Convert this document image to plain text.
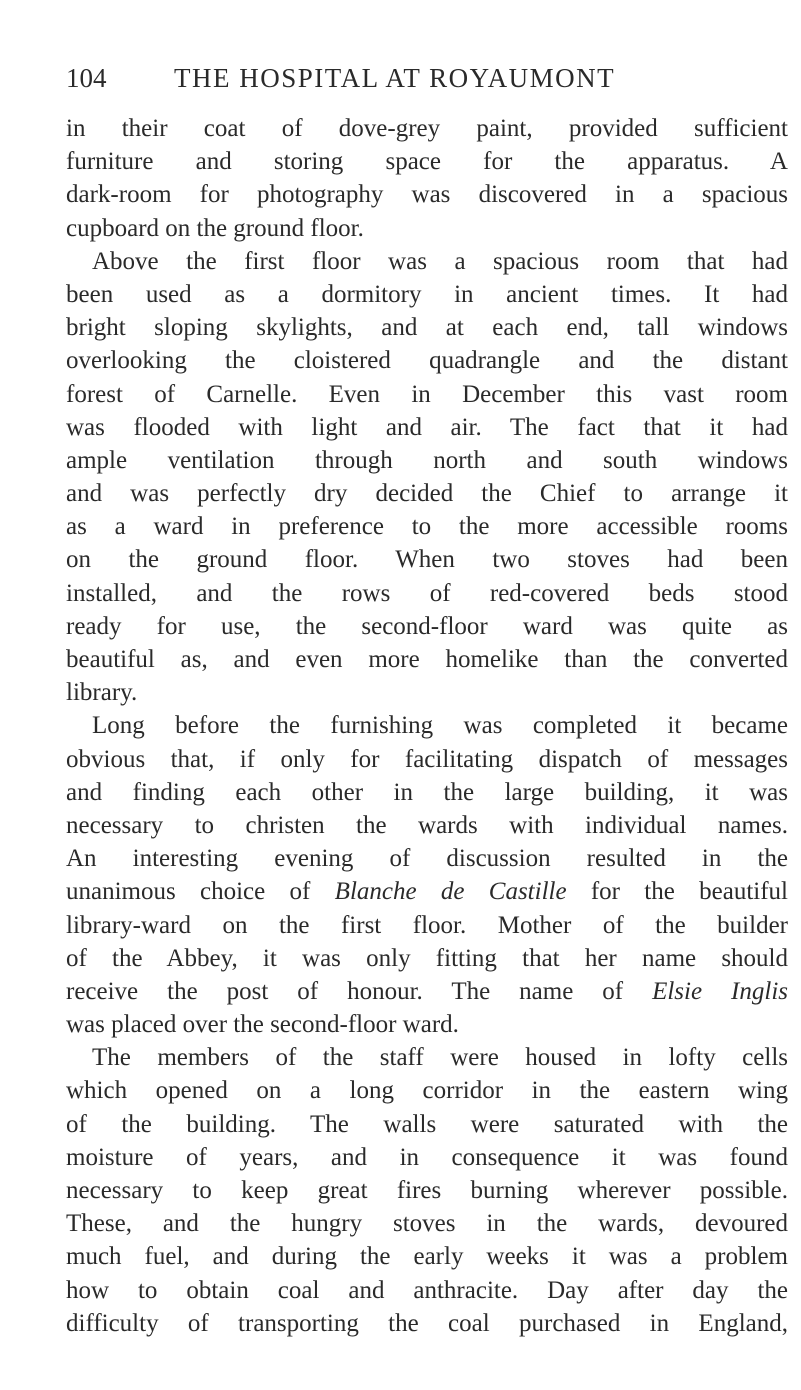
104	THE HOSPITAL AT ROYAUMONT
in their coat of dove-grey paint, provided sufficient
furniture and storing space for the apparatus. A
dark-room for photography was discovered in a spacious
cupboard on the ground floor.
Above the first floor was a spacious room that had
been used as a dormitory in ancient times. It had
bright sloping skylights, and at each end, tall windows
overlooking the cloistered quadrangle and the distant
forest of Carnelle. Even in December this vast room
was flooded with light and air. The fact that it had
ample ventilation through north and south windows
and was perfectly dry decided the Chief to arrange it
as a ward in preference to the more accessible rooms
on the ground floor. When two stoves had been
installed, and the rows of red-covered beds stood
ready for use, the second-floor ward was quite as
beautiful as, and even more homelike than the converted
library.
Long before the furnishing was completed it became
obvious that, if only for facilitating dispatch of messages
and finding each other in the large building, it was
necessary to christen the wards with individual names.
An interesting evening of discussion resulted in the
unanimous choice of Blanche de Castille for the beautiful
library-ward on the first floor. Mother of the builder
of the Abbey, it was only fitting that her name should
receive the post of honour. The name of Elsie Inglis
was placed over the second-floor ward.
The members of the staff were housed in lofty cells
which opened on a long corridor in the eastern wing
of the building. The walls were saturated with the
moisture of years, and in consequence it was found
necessary to keep great fires burning wherever possible.
These, and the hungry stoves in the wards, devoured
much fuel, and during the early weeks it was a problem
how to obtain coal and anthracite. Day after day the
difficulty of transporting the coal purchased in England,
